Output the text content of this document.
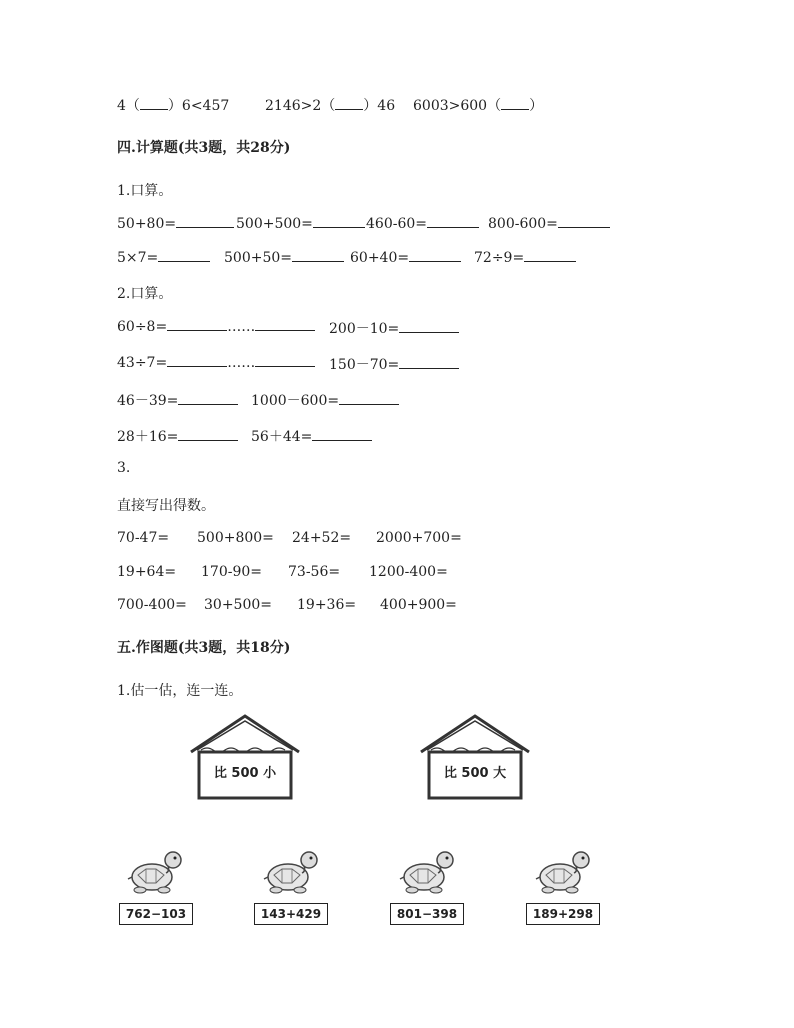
4（ ）6<457	2146>2（ ）46 6003>600（ ）
四.计算题(共3题，共28分)
1.口算。
50+80=	500+500=	460-60=	800-600=
5×7=	500+50=	60+40=	72÷9=
2.口算。
60÷8=	……	200－10=
43÷7=	……	150－70=
46－39=	1000－600=
28＋16=	56＋44=
3.
直接写出得数。
70-47= 500+800= 24+52= 2000+700=
19+64= 170-90= 73-56= 1200-400=
700-400= 30+500= 19+36= 400+900=
五.作图题(共3题，共18分)
1.估一估，连一连。
比 500 小	比 500 大
762−103	143+429	801−398	189+298
